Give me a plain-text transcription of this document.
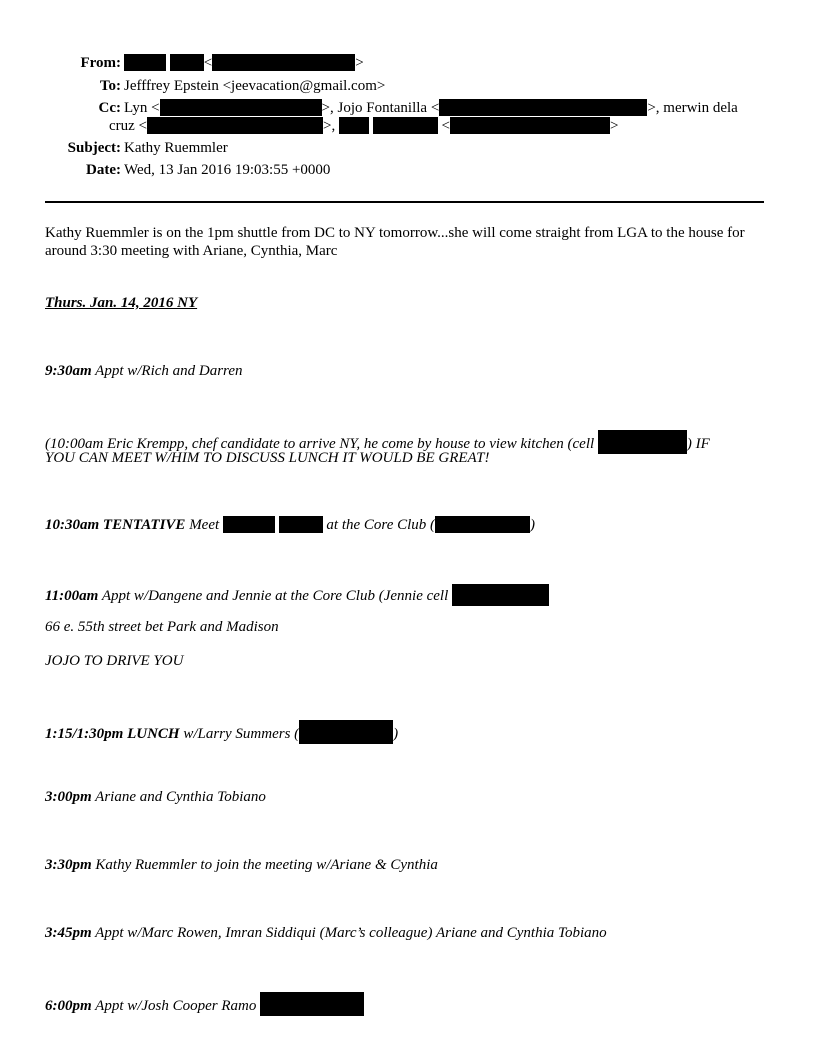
From:	<	>
To: Jefffrey Epstein <jeevacation@gmail.com>
Cc: Lyn <	>, Jojo Fontanilla <	>, merwin dela
cruz <	>,	<	>
Subject: Kathy Ruemmler
Date: Wed, 13 Jan 2016 19:03:55 +0000
Kathy Ruemmler is on the 1pm shuttle from DC to NY tomorrow...she will come straight from LGA to the house for around 3:30 meeting with Ariane, Cynthia, Marc
Thurs. Jan. 14, 2016 NY
9:30am Appt w/Rich and Darren
(10:00am Eric Krempp, chef candidate to arrive NY, he come by house to view kitchen (cell	) IF
YOU CAN MEET W/HIM TO DISCUSS LUNCH IT WOULD BE GREAT!
10:30am TENTATIVE Meet	at the Core Club (	)
11:00am Appt w/Dangene and Jennie at the Core Club (Jennie cell
66 e. 55th street bet Park and Madison
JOJO TO DRIVE YOU
1:15/1:30pm LUNCH w/Larry Summers (	)
3:00pm Ariane and Cynthia Tobiano
3:30pm Kathy Ruemmler to join the meeting w/Ariane & Cynthia
3:45pm Appt w/Marc Rowen, Imran Siddiqui (Marc’s colleague) Ariane and Cynthia Tobiano
6:00pm Appt w/Josh Cooper Ramo
